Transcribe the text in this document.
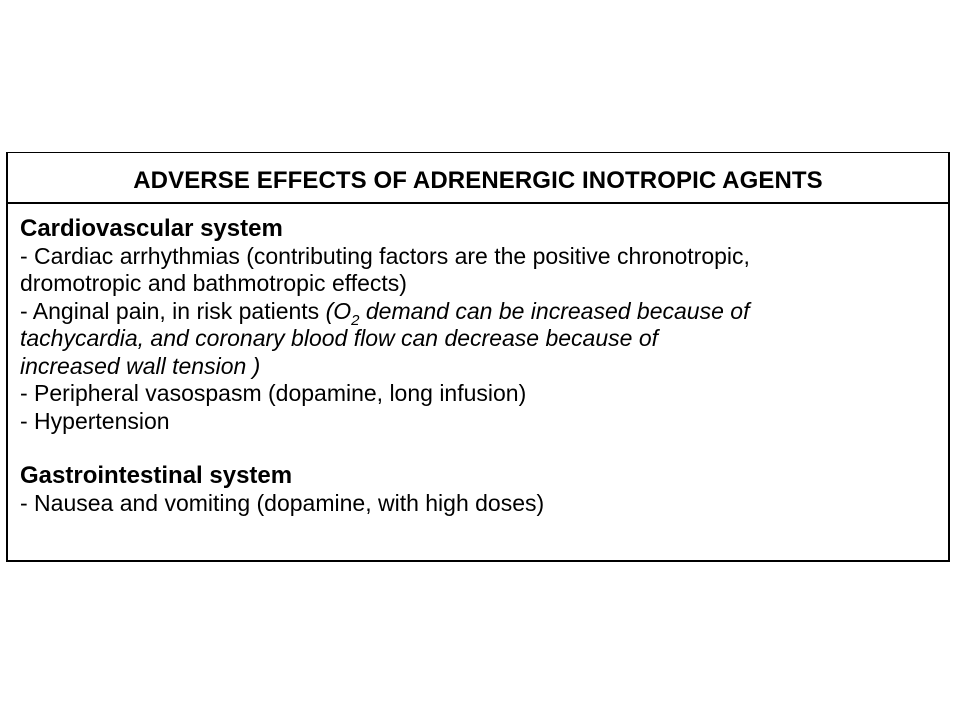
ADVERSE EFFECTS OF ADRENERGIC INOTROPIC AGENTS
Cardiovascular system
- Cardiac arrhythmias (contributing factors are the positive chronotropic,
dromotropic and bathmotropic effects)
- Anginal pain, in risk patients ($O_2$ demand can be increased because of
tachycardia, and coronary blood flow can decrease because of
increased wall tension )
- Peripheral vasospasm (dopamine, long infusion)
- Hypertension
Gastrointestinal system
- Nausea and vomiting (dopamine, with high doses)
